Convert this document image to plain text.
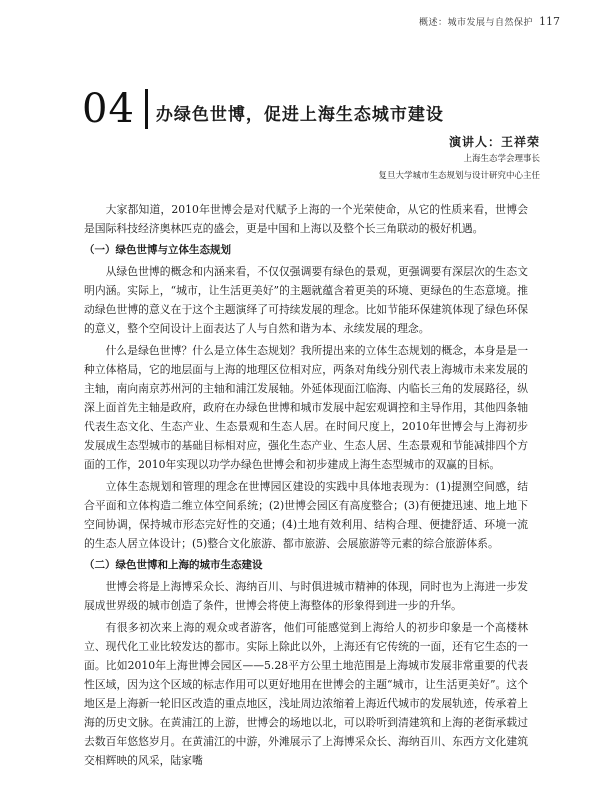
概述：城市发展与自然保护 117
04 办绿色世博，促进上海生态城市建设
演讲人：王祥荣
上海生态学会理事长
复旦大学城市生态规划与设计研究中心主任

大家都知道，2010年世博会是对代赋予上海的一个光荣使命，从它的性质来看，世博会是国际科技经济奥林匹克的盛会，更是中国和上海以及整个长三角联动的极好机遇。

（一）绿色世博与立体生态规划

从绿色世博的概念和内涵来看，不仅仅强调要有绿色的景观，更强调要有深层次的生态文明内涵。实际上，“城市，让生活更美好”的主题就蕴含着更美的环境、更绿色的生态意境。推动绿色世博的意义在于这个主题演绎了可持续发展的理念。比如节能环保建筑体现了绿色环保的意义，整个空间设计上面表达了人与自然和谐为本、永续发展的理念。

什么是绿色世博？什么是立体生态规划？我所提出来的立体生态规划的概念，本身是是一种立体格局，它的地层面与上海的地理区位相对应，两条对角线分别代表上海城市未来发展的主轴，南向南京苏州河的主轴和浦江发展轴。外延体现面江临海、内临长三角的发展路径，纵深上面首先主轴是政府，政府在办绿色世博和城市发展中起宏观调控和主导作用，其他四条轴代表生态文化、生态产业、生态景观和生态人居。在时间尺度上，2010年世博会与上海初步发展成生态型城市的基础目标相对应，强化生态产业、生态人居、生态景观和节能减排四个方面的工作，2010年实现以功学办绿色世博会和初步建成上海生态型城市的双赢的目标。

立体生态规划和管理的理念在世博园区建设的实践中具体地表现为：(1)提测空间感，结合平面和立体构造二维立体空间系统；(2)世博会园区有高度整合；(3)有便捷迅速、地上地下空间协调，保持城市形态完好性的交通；(4)土地有效利用、结构合理、便捷舒适、环境一流的生态人居立体设计；(5)整合文化旅游、都市旅游、会展旅游等元素的综合旅游体系。

（二）绿色世博和上海的城市生态建设

世博会将是上海博采众长、海纳百川、与时俱进城市精神的体现，同时也为上海进一步发展成世界级的城市创造了条件，世博会将使上海整体的形象得到进一步的升华。

有很多初次来上海的观众或者游客，他们可能感觉到上海给人的初步印象是一个高楼林立、现代化工业比较发达的都市。实际上除此以外，上海还有它传统的一面，还有它生态的一面。比如2010年上海世博会园区——5.28平方公里土地范围是上海城市发展非常重要的代表性区域，因为这个区域的标志作用可以更好地用在世博会的主题“城市，让生活更美好”。这个地区是上海新一轮旧区改造的重点地区，浅址周边浓缩着上海近代城市的发展轨迹，传承着上海的历史文脉。在黄浦江的上游，世博会的场地以北，可以聆听到清建筑和上海的老街承载过去数百年悠悠岁月。在黄浦江的中游，外滩展示了上海博采众长、海纳百川、东西方文化建筑交相辉映的风采，陆家嘴
